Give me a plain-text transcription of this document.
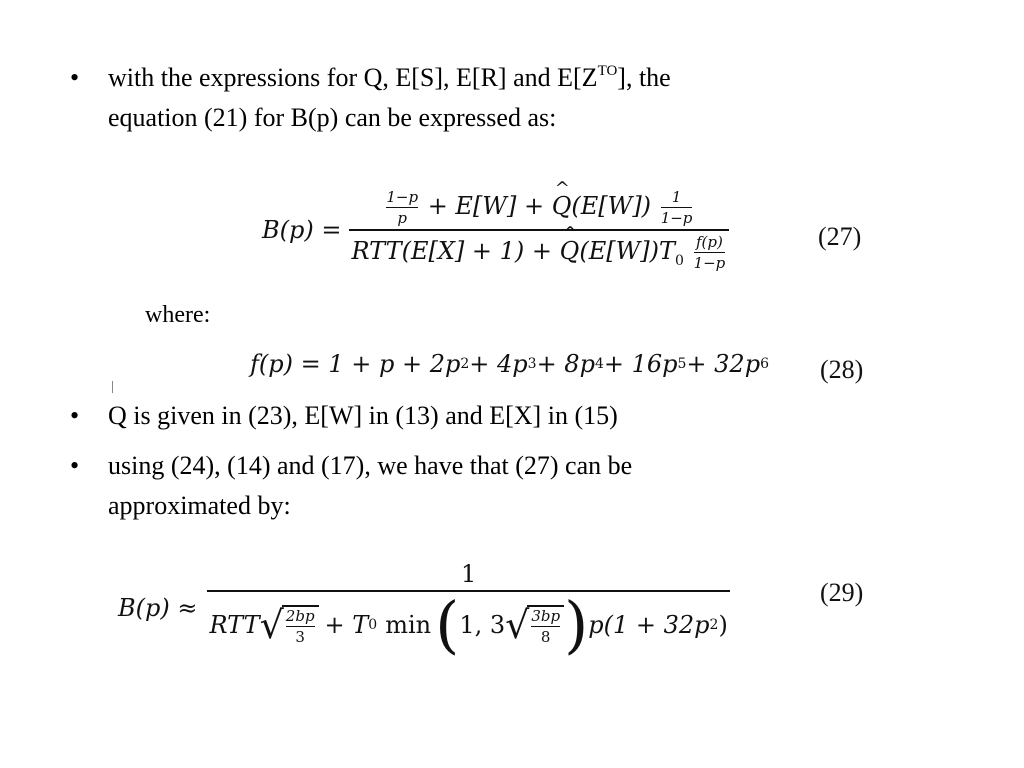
• with the expressions for Q, E[S], E[R] and $E[Z^{TO}]$, the
equation (21) for B(p) can be expressed as:
B(p) =
$\frac{1-p}{p} + E[W]$ + ^ $Q(E[W]) \frac{1}{1-p}$
RTT(E[X] + 1) + ^ $Q(E[W])T_0 \frac{f(p)}{1-p}$	(27)
where:
f(p) = 1 + p + 2p 2 + 4p 3 + 8p 4 + 16p 5 + 32p 6 (28)
• Q is given in (23), E[W] in (13) and E[X] in (15)
• using (24), (14) and (17), we have that (27) can be
approximated by:
B(p) ≈
1
RTT √ $\frac{2bp}{3} + T$ 0 min ( 1, 3 √ $\frac{3bp}{8}$ ) p(1 + 32p 2 )
(29)
